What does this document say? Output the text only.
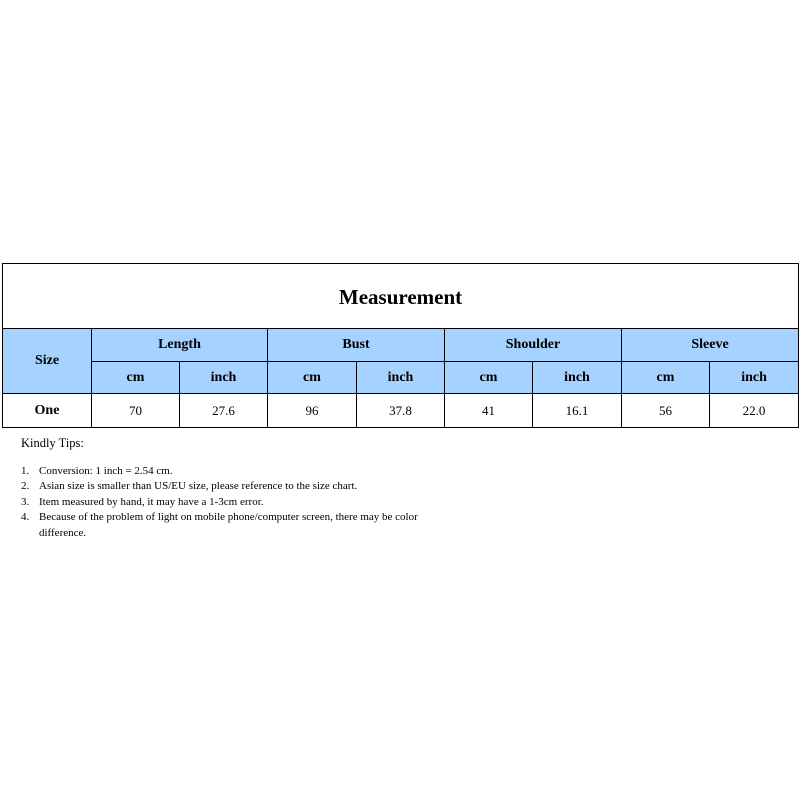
Measurement								
Size	Length		Bust		Shoulder		Sleeve	
	cm	inch	cm	inch	cm	inch	cm	inch
One	70	27.6	96	37.8	41	16.1	56	22.0
Kindly Tips:
1. Conversion: 1 inch = 2.54 cm.
2. Asian size is smaller than US/EU size, please reference to the size chart.
3. Item measured by hand, it may have a 1-3cm error.
4. Because of the problem of light on mobile phone/computer screen, there may be color difference.
